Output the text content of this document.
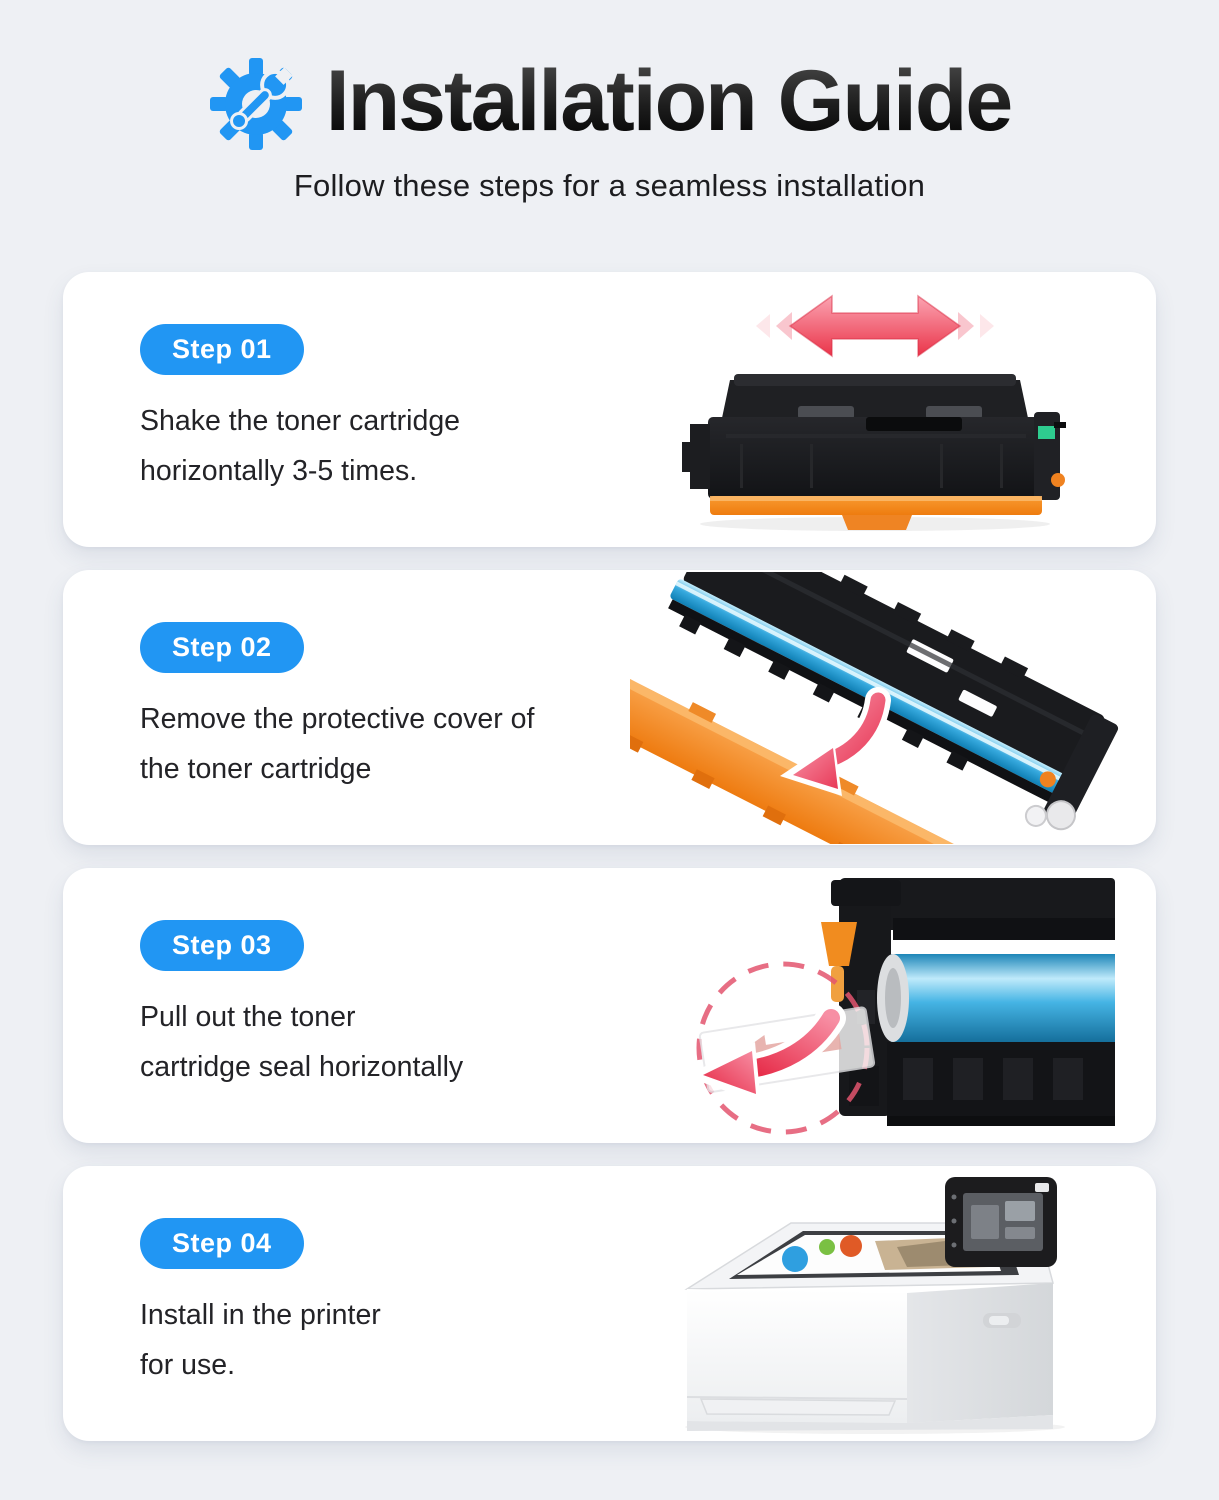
Installation Guide
Follow these steps for a seamless installation
Step 01
Shake the toner cartridge
horizontally 3-5 times.
Step 02
Remove the protective cover of
the toner cartridge
Step 03
Pull out the toner
cartridge seal horizontally
Step 04
Install in the printer
for use.
